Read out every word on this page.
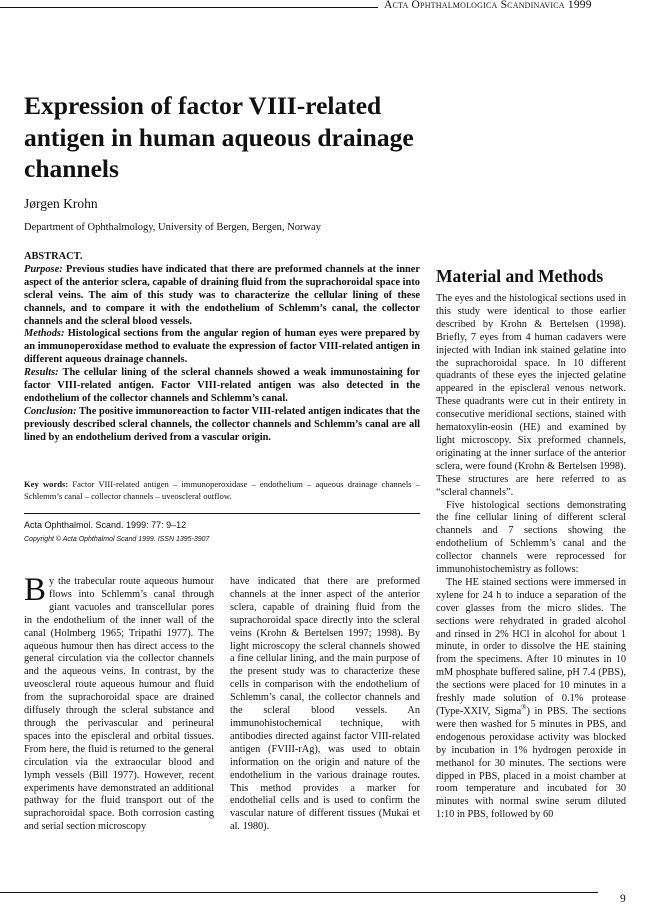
Acta Ophthalmologica Scandinavica 1999
Expression of factor VIII-related antigen in human aqueous drainage channels
Jørgen Krohn
Department of Ophthalmology, University of Bergen, Bergen, Norway

ABSTRACT.

Purpose: Previous studies have indicated that there are preformed channels at the inner aspect of the anterior sclera, capable of draining fluid from the suprachoroidal space into scleral veins. The aim of this study was to characterize the cellular lining of these channels, and to compare it with the endothelium of Schlemm’s canal, the collector channels and the scleral blood vessels.

Methods: Histological sections from the angular region of human eyes were prepared by an immunoperoxidase method to evaluate the expression of factor VIII-related antigen in different aqueous drainage channels.

Results: The cellular lining of the scleral channels showed a weak immunostaining for factor VIII-related antigen. Factor VIII-related antigen was also detected in the endothelium of the collector channels and Schlemm’s canal.

Conclusion: The positive immunoreaction to factor VIII-related antigen indicates that the previously described scleral channels, the collector channels and Schlemm’s canal are all lined by an endothelium derived from a vascular origin.

Key words: Factor VIII-related antigen – immunoperoxidase – endothelium – aqueous drainage channels – Schlemm’s canal – collector channels – uveoscleral outflow.
Acta Ophthalmol. Scand. 1999: 77: 9–12
Copyright © Acta Ophthalmol Scand 1999. ISSN 1395-3907

By the trabecular route aqueous humour flows into Schlemm’s canal through giant vacuoles and transcellular pores in the endothelium of the inner wall of the canal (Holmberg 1965; Tripathi 1977). The aqueous humour then has direct access to the general circulation via the collector channels and the aqueous veins. In contrast, by the uveoscleral route aqueous humour and fluid from the suprachoroidal space are drained diffusely through the scleral substance and through the perivascular and perineural spaces into the episcleral and orbital tissues. From here, the fluid is returned to the general circulation via the extraocular blood and lymph vessels (Bill 1977). However, recent experiments have demonstrated an additional pathway for the fluid transport out of the suprachoroidal space. Both corrosion casting and serial section microscopy

have indicated that there are preformed channels at the inner aspect of the anterior sclera, capable of draining fluid from the suprachoroidal space directly into the scleral veins (Krohn & Bertelsen 1997; 1998). By light microscopy the scleral channels showed a fine cellular lining, and the main purpose of the present study was to characterize these cells in comparison with the endothelium of Schlemm’s canal, the collector channels and the scleral blood vessels. An immunohistochemical technique, with antibodies directed against factor VIII-related antigen (FVIII-rAg), was used to obtain information on the origin and nature of the endothelium in the various drainage routes. This method provides a marker for endothelial cells and is used to confirm the vascular nature of different tissues (Mukai et al. 1980).

Material and Methods

The eyes and the histological sections used in this study were identical to those earlier described by Krohn & Bertelsen (1998). Briefly, 7 eyes from 4 human cadavers were injected with Indian ink stained gelatine into the suprachoroidal space. In 10 different quadrants of these eyes the injected gelatine appeared in the episcleral venous network. These quadrants were cut in their entirety in consecutive meridional sections, stained with hematoxylin-eosin (HE) and examined by light microscopy. Six preformed channels, originating at the inner surface of the anterior sclera, were found (Krohn & Bertelsen 1998). These structures are here referred to as “scleral channels”.

Five histological sections demonstrating the fine cellular lining of different scleral channels and 7 sections showing the endothelium of Schlemm’s canal and the collector channels were reprocessed for immunohistochemistry as follows:

The HE stained sections were immersed in xylene for 24 h to induce a separation of the cover glasses from the micro slides. The sections were rehydrated in graded alcohol and rinsed in 2% HCl in alcohol for about 1 minute, in order to dissolve the HE staining from the specimens. After 10 minutes in 10 mM phosphate buffered saline, pH 7.4 (PBS), the sections were placed for 10 minutes in a freshly made solution of 0.1% protease (Type-XXIV, Sigma®) in PBS. The sections were then washed for 5 minutes in PBS, and endogenous peroxidase activity was blocked by incubation in 1% hydrogen peroxide in methanol for 30 minutes. The sections were dipped in PBS, placed in a moist chamber at room temperature and incubated for 30 minutes with normal swine serum diluted 1:10 in PBS, followed by 60

9
